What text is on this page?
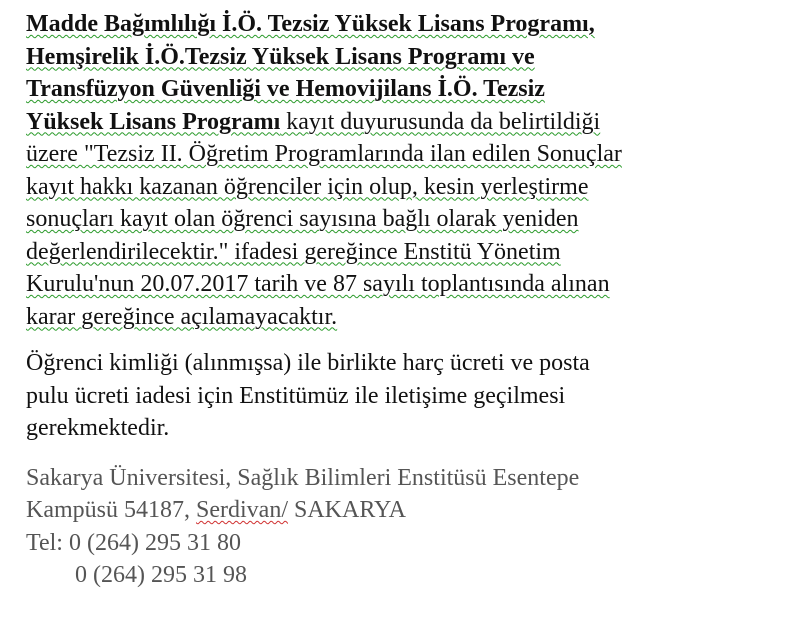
Madde Bağımlılığı İ.Ö. Tezsiz Yüksek Lisans Programı,
Hemşirelik İ.Ö.Tezsiz Yüksek Lisans Programı ve
Transfüzyon Güvenliği ve Hemovijilans İ.Ö. Tezsiz
Yüksek Lisans Programı kayıt duyurusunda da belirtildiği
üzere "Tezsiz II. Öğretim Programlarında ilan edilen Sonuçlar
kayıt hakkı kazanan öğrenciler için olup, kesin yerleştirme
sonuçları kayıt olan öğrenci sayısına bağlı olarak yeniden
değerlendirilecektir." ifadesi gereğince Enstitü Yönetim
Kurulu'nun 20.07.2017 tarih ve 87 sayılı toplantısında alınan
karar gereğince açılamayacaktır.
Öğrenci kimliği (alınmışsa) ile birlikte harç ücreti ve posta
pulu ücreti iadesi için Enstitümüz ile iletişime geçilmesi
gerekmektedir.
Sakarya Üniversitesi, Sağlık Bilimleri Enstitüsü Esentepe
Kampüsü 54187, Serdivan/ SAKARYA
Tel: 0 (264) 295 31 80
0 (264) 295 31 98
